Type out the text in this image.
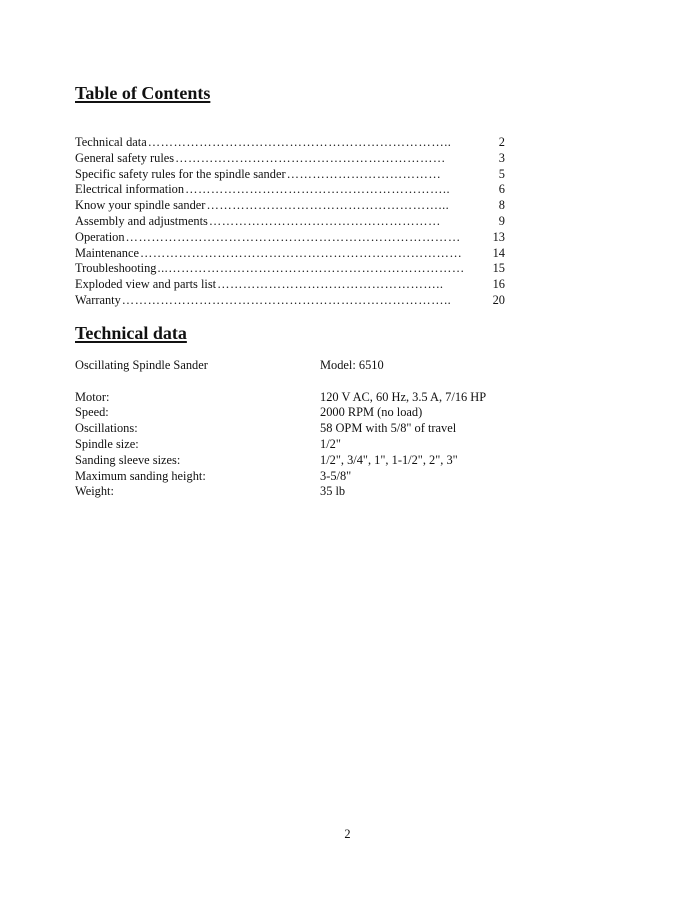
Table of Contents
Technical data ……………………………………………………………..	2
General safety rules ………………………………………………………	3
Specific safety rules for the spindle sander ………………………………	5
Electrical information ……………………………………………………..	6
Know your spindle sander ………………………………………………...	8
Assembly and adjustments ………………………………………………	9
Operation ……………………………………………………………………	13
Maintenance …………………………………………………………………	14
Troubleshooting ...……………………………………………………………	15
Exploded view and parts list ……………………………………………..	16
Warranty …………………………………………………………………..	20
Technical data
Oscillating Spindle Sander	Model: 6510
Motor:	120 V AC, 60 Hz, 3.5 A, 7/16 HP
Speed:	2000 RPM (no load)
Oscillations:	58 OPM with 5/8" of travel
Spindle size:	1/2"
Sanding sleeve sizes:	1/2", 3/4", 1", 1-1/2", 2", 3"
Maximum sanding height:	3-5/8"
Weight:	35 lb
2
